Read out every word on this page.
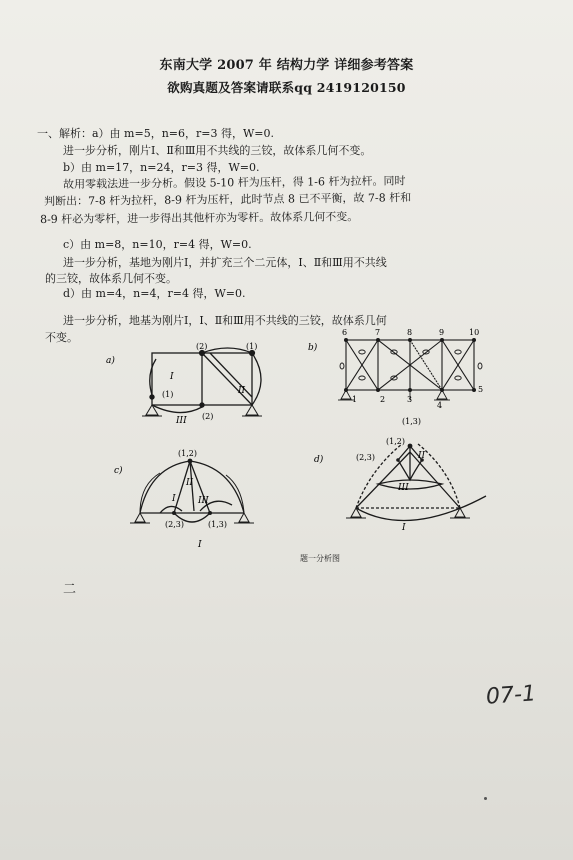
东南大学 2007 年 结构力学 详细参考答案
欲购真题及答案请联系qq 2419120150
一、解析：a）由 m=5，n=6，r=3 得，W=0.
进一步分析，刚片Ⅰ、Ⅱ和Ⅲ用不共线的三铰，故体系几何不变。
b）由 m=17，n=24，r=3 得，W=0.
故用零载法进一步分析。假设 5-10 杆为压杆，得 1-6 杆为拉杆。同时
判断出：7-8 杆为拉杆，8-9 杆为压杆，此时节点 8 已不平衡，故 7-8 杆和
8-9 杆必为零杆，进一步得出其他杆亦为零杆。故体系几何不变。
c）由 m=8，n=10，r=4 得，W=0.
进一步分析，基地为刚片Ⅰ，并扩充三个二元体，Ⅰ、Ⅱ和Ⅲ用不共线
的三铰，故体系几何不变。
d）由 m=4，n=4，r=4 得，W=0.
进一步分析，地基为刚片Ⅰ，Ⅰ、Ⅱ和Ⅲ用不共线的三铰，故体系几何
不变。
a)
(2)	(1)
(1)
(2)
I
II
III
b)
6	7	8	9	10
1	2	3
4
5
c)
(1,2)
(2,3)	(1,3)
I
II
III
I
d)
(1,3)
(1,2)
(2,3)	II
III
I
题一分析图
二
07-1
